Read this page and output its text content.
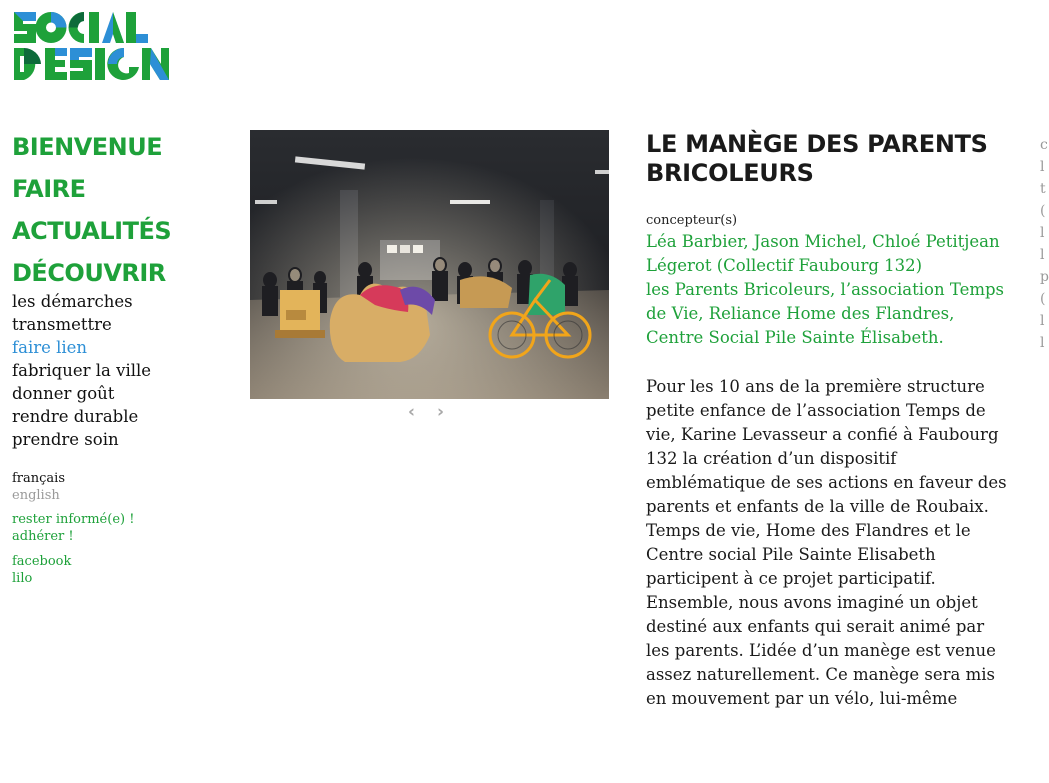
BIENVENUE
FAIRE
ACTUALITÉS
DÉCOUVRIR
les démarches
transmettre
faire lien
fabriquer la ville
donner goût
rendre durable
prendre soin
français
english
rester informé(e) !
adhérer !
facebook
lilo
‹ ›
LE MANÈGE DES PARENTS BRICOLEURS
concepteur(s)
Léa Barbier, Jason Michel, Chloé Petitjean Légerot (Collectif Faubourg 132)
les Parents Bricoleurs, l’association Temps de Vie, Reliance Home des Flandres, Centre Social Pile Sainte Élisabeth.
Pour les 10 ans de la première structure petite enfance de l’association Temps de vie, Karine Levasseur a confié à Faubourg 132 la création d’un dispositif emblématique de ses actions en faveur des parents et enfants de la ville de Roubaix. Temps de vie, Home des Flandres et le Centre social Pile Sainte Elisabeth participent à ce projet participatif. Ensemble, nous avons imaginé un objet destiné aux enfants qui serait animé par les parents. L’idée d’un manège est venue assez naturellement. Ce manège sera mis en mouvement par un vélo, lui-même
c
l
t
(
l
l
p
(
l
l
